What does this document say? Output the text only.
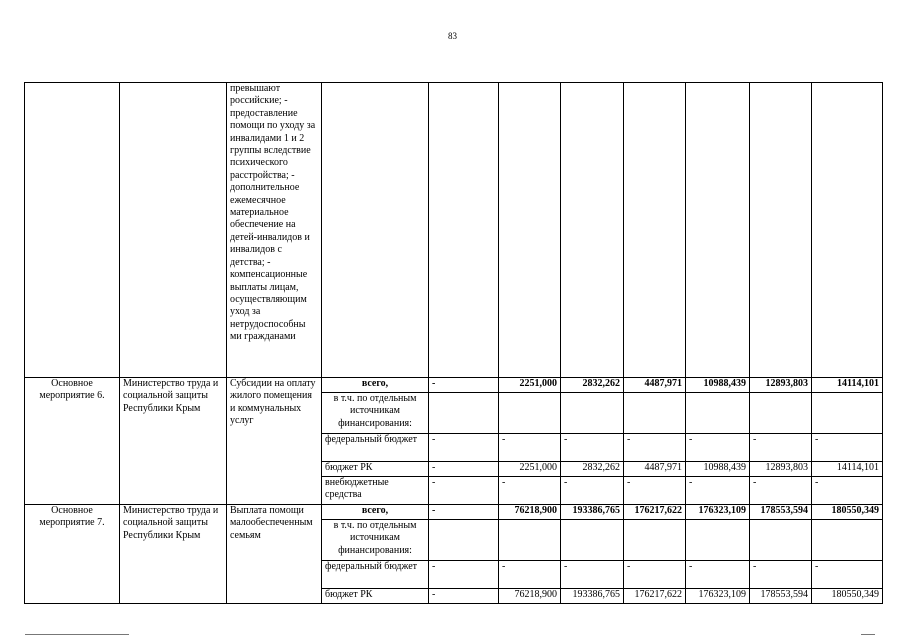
83
		превышают российские; - предоставление помощи по уходу за инвалидами 1 и 2 группы вследствие психического расстройства; - дополнительное ежемесячное материальное обеспечение на детей-инвалидов и инвалидов с детства; - компенсационные выплаты лицам, осуществляющим уход за нетрудоспособны ми гражданами								
Основное мероприятие 6.	Министерство труда и социальной защиты Республики Крым	Субсидии на оплату жилого помещения и коммунальных услуг	всего,	-	2251,000	2832,262	4487,971	10988,439	12893,803	14114,101
			в т.ч. по отдельным источникам финансирования:							
			федеральный бюджет	-	-	-	-	-	-	-
			бюджет РК	-	2251,000	2832,262	4487,971	10988,439	12893,803	14114,101
			внебюджетные средства	-	-	-	-	-	-	-
Основное мероприятие 7.	Министерство труда и социальной защиты Республики Крым	Выплата помощи малообеспеченным семьям	всего,	-	76218,900	193386,765	176217,622	176323,109	178553,594	180550,349
			в т.ч. по отдельным источникам финансирования:							
			федеральный бюджет	-	-	-	-	-	-	-
			бюджет РК	-	76218,900	193386,765	176217,622	176323,109	178553,594	180550,349
